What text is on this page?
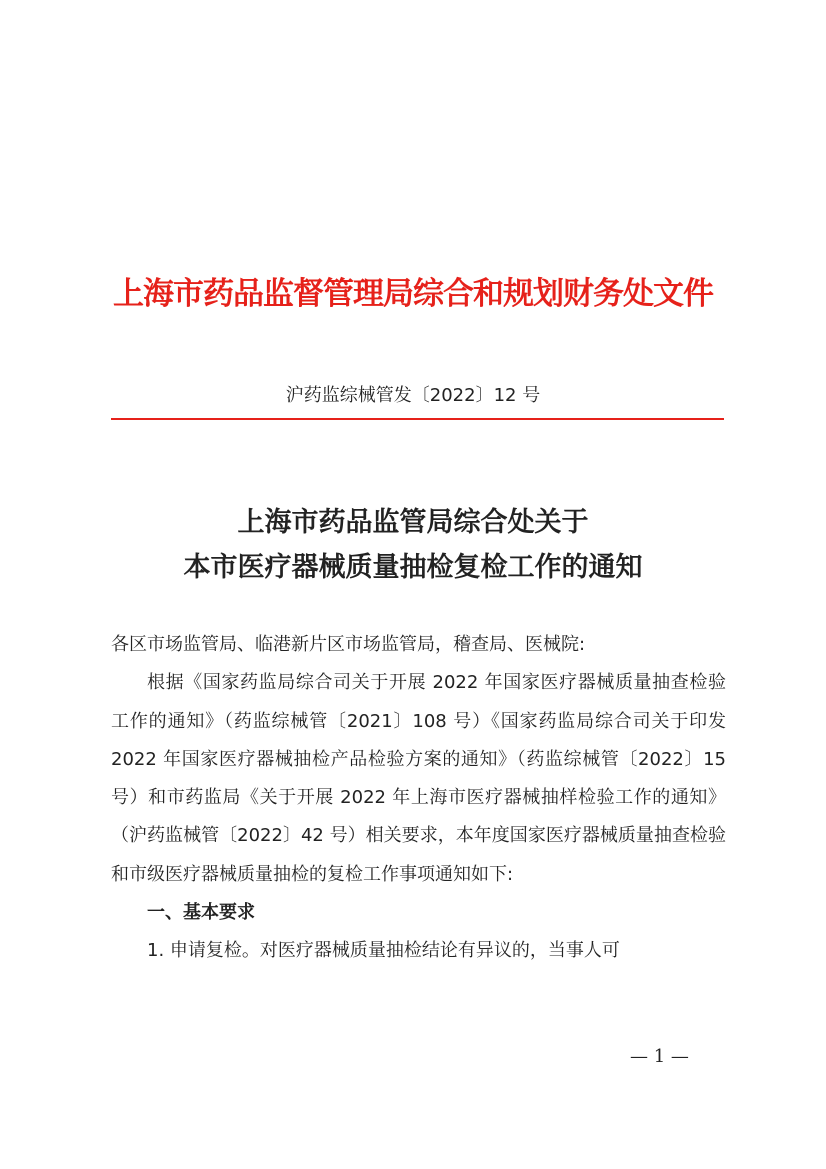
上海市药品监督管理局综合和规划财务处文件
沪药监综械管发〔2022〕12 号
上海市药品监管局综合处关于
本市医疗器械质量抽检复检工作的通知

各区市场监管局、临港新片区市场监管局，稽查局、医械院:

根据《国家药监局综合司关于开展 2022 年国家医疗器械质量抽查检验工作的通知》（药监综械管〔2021〕108 号）《国家药监局综合司关于印发 2022 年国家医疗器械抽检产品检验方案的通知》（药监综械管〔2022〕15 号）和市药监局《关于开展 2022 年上海市医疗器械抽样检验工作的通知》（沪药监械管〔2022〕42 号）相关要求，本年度国家医疗器械质量抽查检验和市级医疗器械质量抽检的复检工作事项通知如下:

一、基本要求

1. 申请复检。对医疗器械质量抽检结论有异议的，当事人可

— 1 —
